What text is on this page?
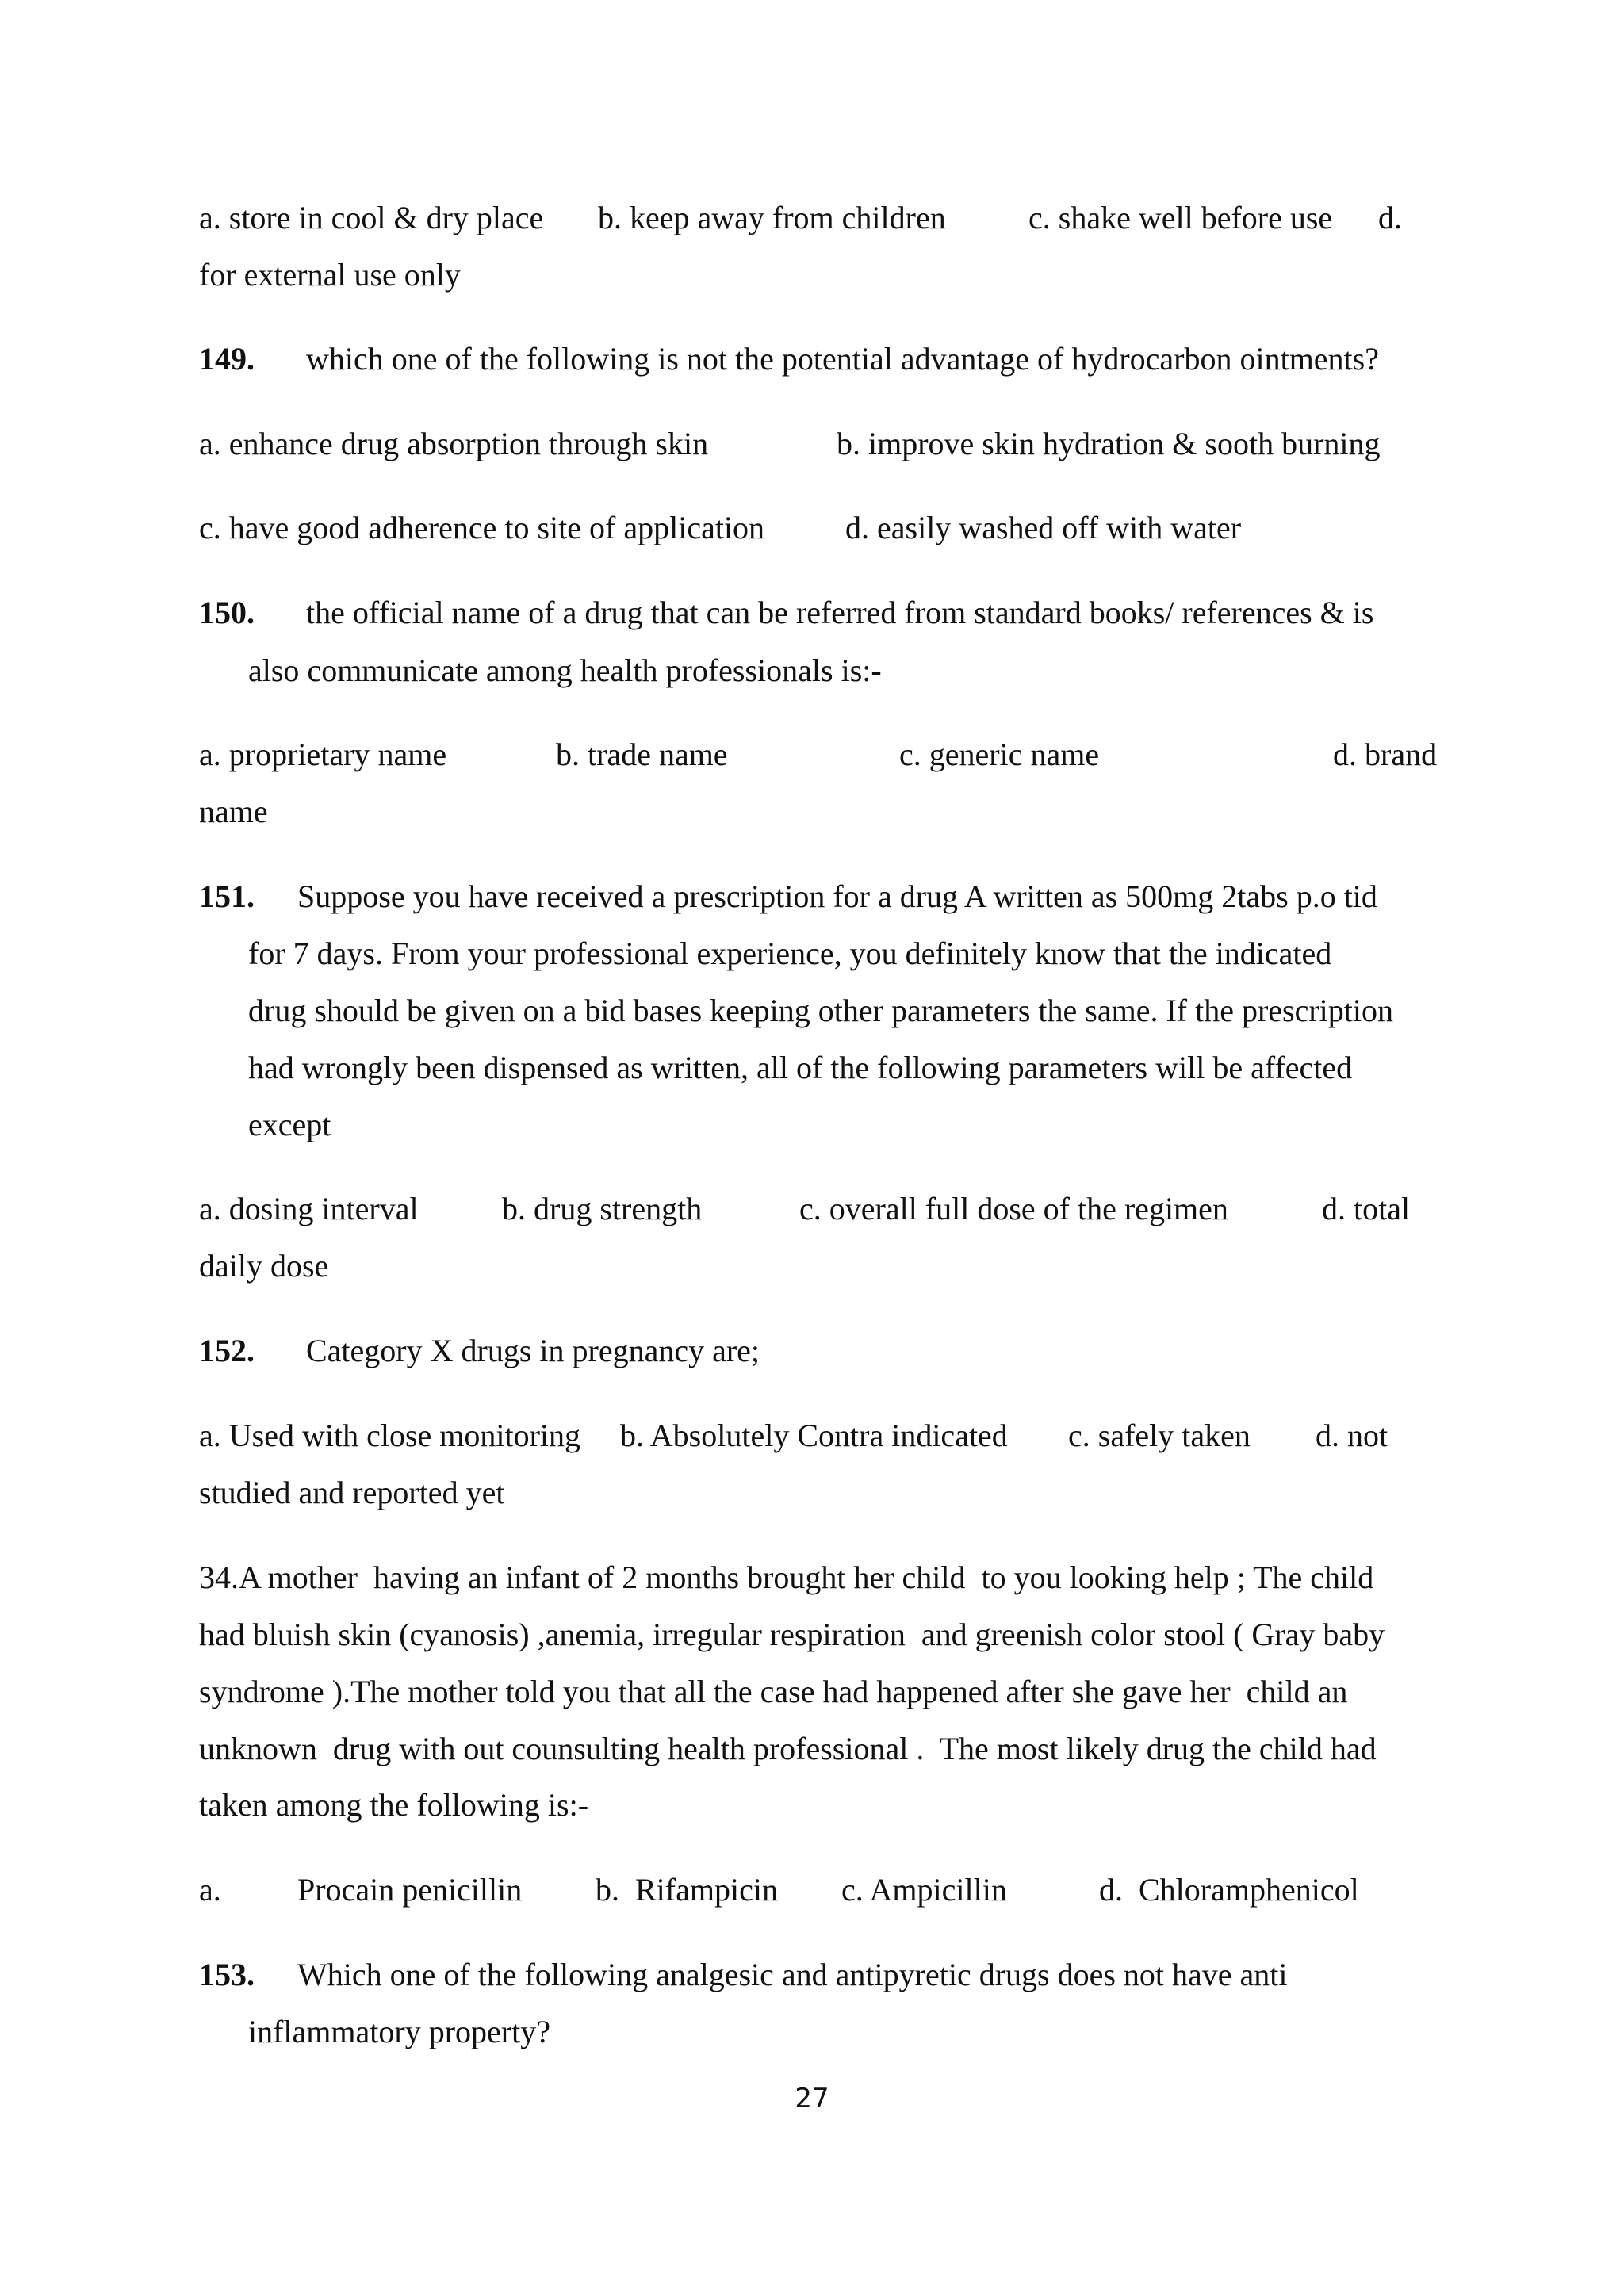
a. store in cool & dry place b. keep away from children	c. shake well before use d.
for external use only
149. which one of the following is not the potential advantage of hydrocarbon ointments?
a. enhance drug absorption through skin	b. improve skin hydration & sooth burning
c. have good adherence to site of application	d. easily washed off with water
150. the official name of a drug that can be referred from standard books/ references & is
also communicate among health professionals is:-
a. proprietary name	b. trade name	c. generic name	d. brand
name
151. Suppose you have received a prescription for a drug A written as 500mg 2tabs p.o tid
for 7 days. From your professional experience, you definitely know that the indicated
drug should be given on a bid bases keeping other parameters the same. If the prescription
had wrongly been dispensed as written, all of the following parameters will be affected
except
a. dosing interval	b. drug strength	c. overall full dose of the regimen	d. total
daily dose
152. Category X drugs in pregnancy are;
a. Used with close monitoring b. Absolutely Contra indicated c. safely taken d. not
studied and reported yet
34.A mother  having an infant of 2 months brought her child  to you looking help ; The child
had bluish skin (cyanosis) ,anemia, irregular respiration  and greenish color stool ( Gray baby
syndrome ).The mother told you that all the case had happened after she gave her  child an
unknown  drug with out counsulting health professional .  The most likely drug the child had
taken among the following is:-
a. Procain penicillin b.  Rifampicin c. Ampicillin	d.  Chloramphenicol
153. Which one of the following analgesic and antipyretic drugs does not have anti
inflammatory property?
27
